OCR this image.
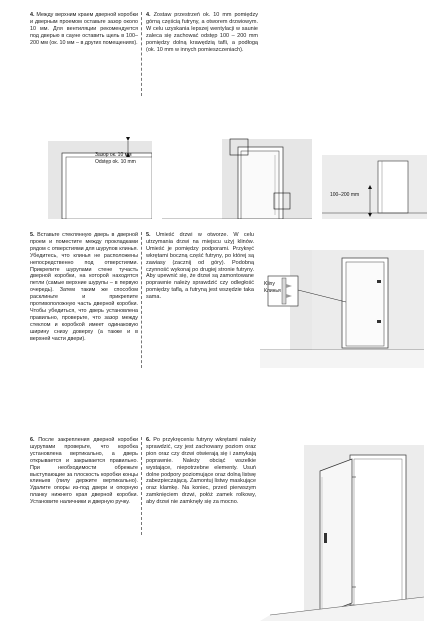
4. Между верхним краем дверной коробки и дверным проемом оставьте зазор около 10 мм. Для вентиляции рекомендуется под дверью в сауне оставить щель в 100–200 мм (ок. 10 мм – в других помещениях).
4. Zostaw przestrzeń ok. 10 mm pomiędzy górną częścią futryny, a otworem drzwiowym. W celu uzyskania lepszej wentylacji w saunie zaleca się zachować odstęp 100 – 200 mm pomiędzy dolną krawędzią tafli, a podłogą (ok. 10 mm w innych pomieszczeniach).
Зазор ок. 10 мм
Odstęp ok. 10 mm
100–200 mm
5. Вставьте стеклянную дверь в дверной проем и поместите между прокладками рядом с отверстиями для шурупов клинья. Убедитесь, что клинья не расположены непосредственно под отверстиями. Прикрепите шурупами стене тучасть дверной коробки, на которой находятся петли (самые верхние шурупы – в первую очередь). Затем таким же способом расклиньте и прикрепите противоположную часть дверной коробки. Чтобы убедиться, что дверь установлена правильно, проверьте, что зазор между стеклом и коробкой имеет одинаковую ширину снизу доверху (а также и в верхней части двери).
5. Umieść drzwi w otworze. W celu utrzymania drzwi na miejscu użyj klinów. Umieść je pomiędzy podporami. Przykręć wkrętami boczną część futryny, po której są zawiasy (zacznij od góry). Podobną czynność wykonaj po drugiej stronie futryny. Aby upewnić się, że drzwi są zamontowane poprawnie należy sprawdzić czy odległość pomiędzy taflą, a futryną jest wszędzie taka sama.
Kliny
Клинья
6. После закрепления дверной коробки шурупами проверьте, что коробка установлена вертикально, а дверь открывается и закрывается правильно. При необходимости обрежьте выступающие за плоскость коробки концы клиньев (пилу держите вертикально). Удалите опоры из-под двери и опорную планку нижнего края дверной коробки. Установите наличники и дверную ручку.
6. Po przykręceniu futryny wkrętami należy sprawdzić, czy jest zachowany poziom oraz pion oraz czy drzwi otwierają się i zamykają poprawnie. Należy obciąć wszelkie wystające, niepotrzebne elementy. Usuń dolne podpory poziomujące oraz dolną listwę zabezpieczającą. Zamontuj listwy maskujące oraz klamkę. Na koniec, przed pierwszym zamknięciem drzwi, połóż zamek rolkowy, aby drzwi nie zamknęły się za mocno.
